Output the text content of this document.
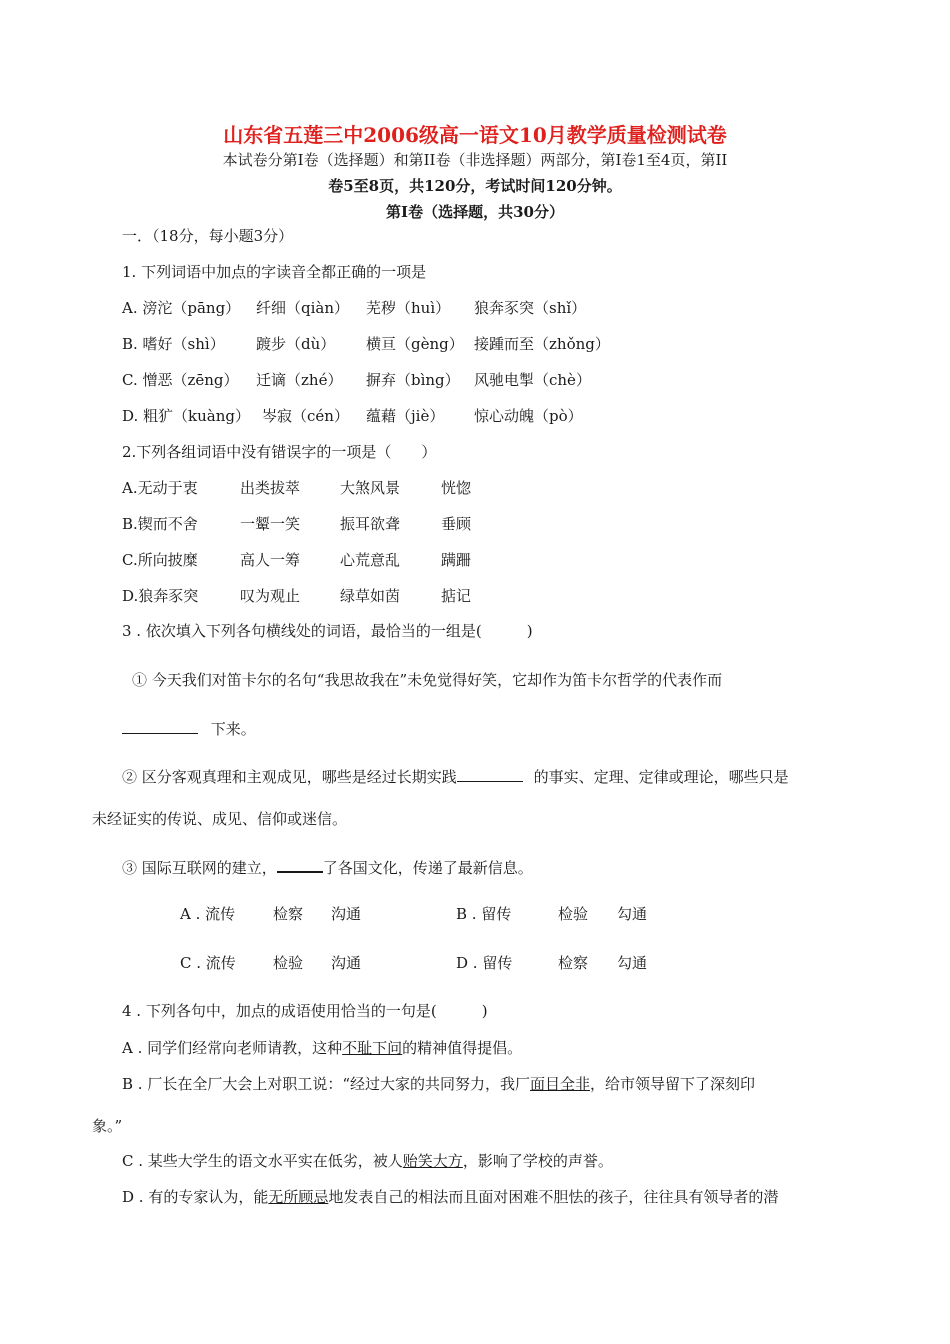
山东省五莲三中2006级高一语文10月教学质量检测试卷
本试卷分第I卷（选择题）和第II卷（非选择题）两部分，第I卷1至4页，第II
卷5至8页，共120分，考试时间120分钟。
第I卷（选择题，共30分）
一．（18分，每小题3分）
1. 下列词语中加点的字读音全都正确的一项是
A. 滂沱（pāng） 纤细（qiàn） 芜秽（huì） 狼奔豕突（shǐ）
B. 嗜好（shì） 踱步（dù） 横亘（gèng） 接踵而至（zhǒng）
C. 憎恶（zēng） 迁谪（zhé） 摒弃（bìng） 风驰电掣（chè）
D. 粗犷（kuàng） 岑寂（cén） 蕴藉（jiè） 惊心动魄（pò）
2.下列各组词语中没有错误字的一项是（　　）
A.无动于衷	出类拔萃	大煞风景	恍惚
B.锲而不舍	一颦一笑	振耳欲聋	垂顾
C.所向披糜	高人一筹	心荒意乱	蹒跚
D.狼奔豕突	叹为观止	绿草如茵	掂记
3 . 依次填入下列各句横线处的词语，最恰当的一组是(　　　)
① 今天我们对笛卡尔的名句“我思故我在”未免觉得好笑，它却作为笛卡尔哲学的代表作而
下来。
② 区分客观真理和主观成见，哪些是经过长期实践	的事实、定理、定律或理论，哪些只是
未经证实的传说、成见、信仰或迷信。
③ 国际互联网的建立，	了各国文化，传递了最新信息。
A . 流传	检察 沟通	B . 留传	检验 勾通
C . 流传 检验 沟通	D . 留传	检察 勾通
4 . 下列各句中，加点的成语使用恰当的一句是(　　　)
A . 同学们经常向老师请教，这种不耻下问的精神值得提倡。
B . 厂长在全厂大会上对职工说：“经过大家的共同努力，我厂面目全非，给市领导留下了深刻印
象。”
C . 某些大学生的语文水平实在低劣，被人贻笑大方，影响了学校的声誉。
D . 有的专家认为，能无所顾忌地发表自己的相法而且面对困难不胆怯的孩子，往往具有领导者的潜
